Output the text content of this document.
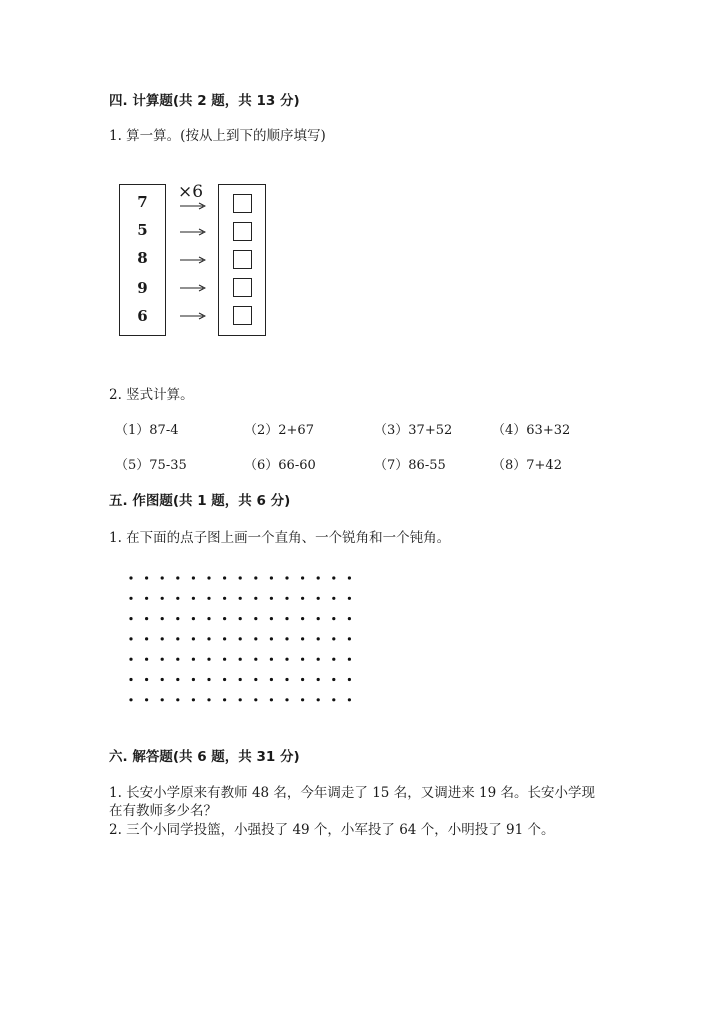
四. 计算题(共 2 题，共 13 分)
1. 算一算。(按从上到下的顺序填写)
7
5
8
9
6
×6
2. 竖式计算。
（1）87-4	（2）2+67	（3）37+52	（4）63+32
（5）75-35	（6）66-60	（7）86-55	（8）7+42
五. 作图题(共 1 题，共 6 分)
1. 在下面的点子图上画一个直角、一个锐角和一个钝角。
六. 解答题(共 6 题，共 31 分)
1. 长安小学原来有教师 48 名，今年调走了 15 名，又调进来 19 名。长安小学现
在有教师多少名？
2. 三个小同学投篮，小强投了 49 个，小军投了 64 个，小明投了 91 个。
